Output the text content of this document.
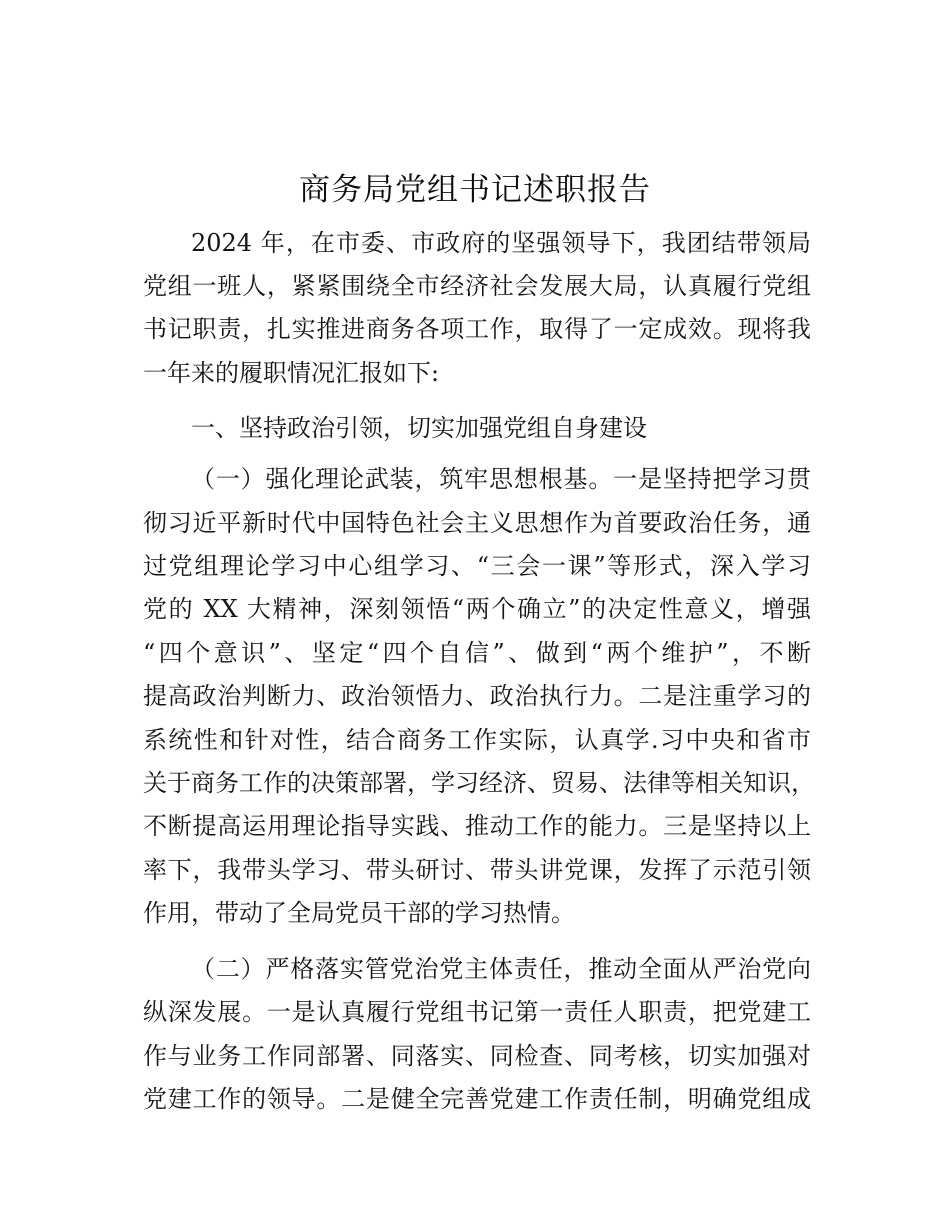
商务局党组书记述职报告
2024 年，在市委、市政府的坚强领导下，我团结带领局
党组一班人，紧紧围绕全市经济社会发展大局，认真履行党组
书记职责，扎实推进商务各项工作，取得了一定成效。现将我
一年来的履职情况汇报如下:
一、坚持政治引领，切实加强党组自身建设
（一）强化理论武装，筑牢思想根基。一是坚持把学习贯
彻习近平新时代中国特色社会主义思想作为首要政治任务，通
过党组理论学习中心组学习、“三会一课”等形式，深入学习
党的 XX 大精神，深刻领悟“两个确立”的决定性意义，增强
“四个意识”、坚定“四个自信”、做到“两个维护”，不断
提高政治判断力、政治领悟力、政治执行力。二是注重学习的
系统性和针对性，结合商务工作实际，认真学.习中央和省市
关于商务工作的决策部署，学习经济、贸易、法律等相关知识，
不断提高运用理论指导实践、推动工作的能力。三是坚持以上
率下，我带头学习、带头研讨、带头讲党课，发挥了示范引领
作用，带动了全局党员干部的学习热情。
（二）严格落实管党治党主体责任，推动全面从严治党向
纵深发展。一是认真履行党组书记第一责任人职责，把党建工
作与业务工作同部署、同落实、同检查、同考核，切实加强对
党建工作的领导。二是健全完善党建工作责任制，明确党组成
